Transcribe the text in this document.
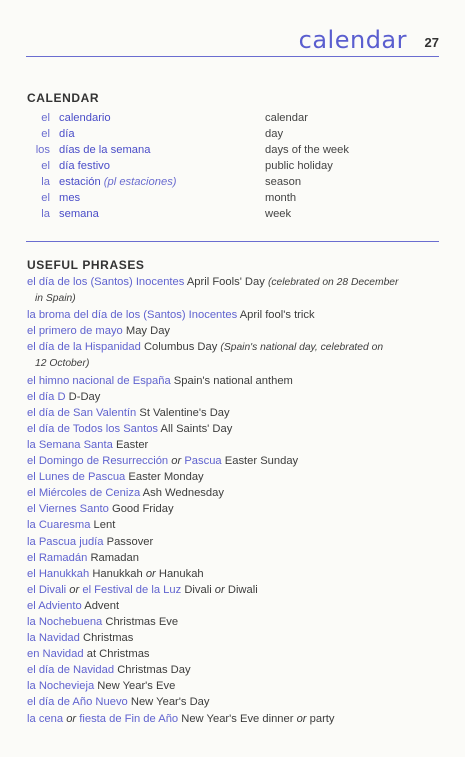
calendar 27
CALENDAR
el calendario	calendar
el día	day
los días de la semana	days of the week
el día festivo	public holiday
la estación (pl estaciones)	season
el mes	month
la semana	week
USEFUL PHRASES
el día de los (Santos) Inocentes April Fools' Day (celebrated on 28 December
in Spain)
la broma del día de los (Santos) Inocentes April fool's trick
el primero de mayo May Day
el día de la Hispanidad Columbus Day (Spain's national day, celebrated on
12 October)
el himno nacional de España Spain's national anthem
el día D D-Day
el día de San Valentín St Valentine's Day
el día de Todos los Santos All Saints' Day
la Semana Santa Easter
el Domingo de Resurrección or Pascua Easter Sunday
el Lunes de Pascua Easter Monday
el Miércoles de Ceniza Ash Wednesday
el Viernes Santo Good Friday
la Cuaresma Lent
la Pascua judía Passover
el Ramadán Ramadan
el Hanukkah Hanukkah or Hanukah
el Divali or el Festival de la Luz Divali or Diwali
el Adviento Advent
la Nochebuena Christmas Eve
la Navidad Christmas
en Navidad at Christmas
el día de Navidad Christmas Day
la Nochevieja New Year's Eve
el día de Año Nuevo New Year's Day
la cena or fiesta de Fin de Año New Year's Eve dinner or party
